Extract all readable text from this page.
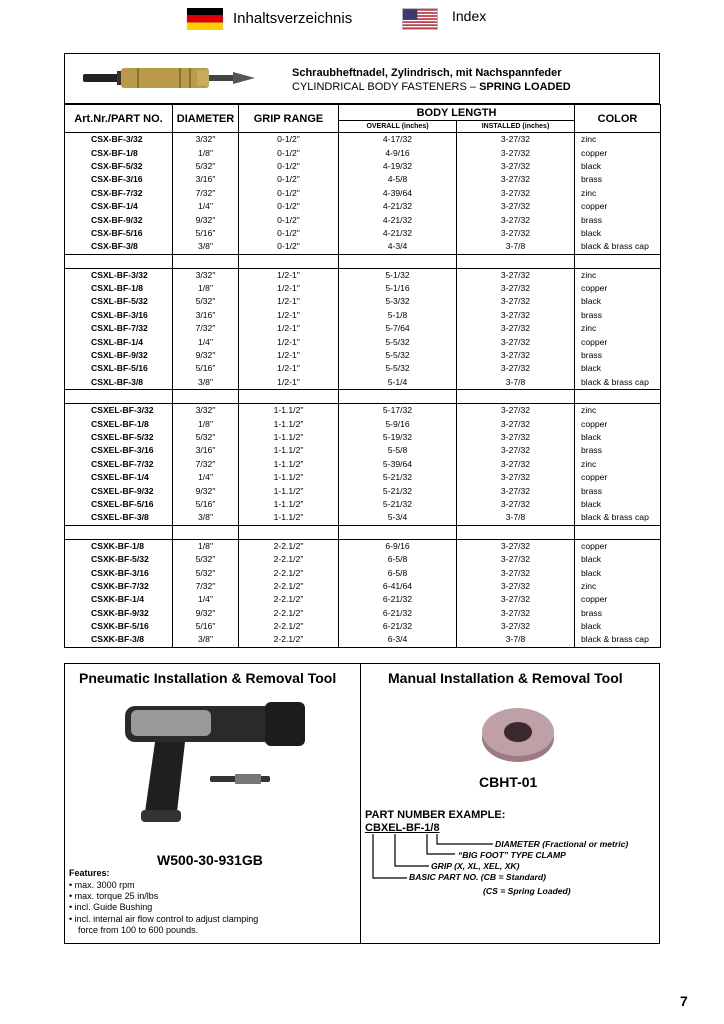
Inhaltsverzeichnis	Index
Schraubheftnadel, Zylindrisch, mit Nachspannfeder
CYLINDRICAL BODY FASTENERS – SPRING LOADED
Art.Nr./PART NO.	DIAMETER	GRIP RANGE	BODY LENGTH		COLOR
			OVERALL (inches)	INSTALLED (inches)	
CSX-BF-3/32	3/32"	0-1/2"	4-17/32	3-27/32	zinc
CSX-BF-1/8	1/8"	0-1/2"	4-9/16	3-27/32	copper
CSX-BF-5/32	5/32"	0-1/2"	4-19/32	3-27/32	black
CSX-BF-3/16	3/16"	0-1/2"	4-5/8	3-27/32	brass
CSX-BF-7/32	7/32"	0-1/2"	4-39/64	3-27/32	zinc
CSX-BF-1/4	1/4"	0-1/2"	4-21/32	3-27/32	copper
CSX-BF-9/32	9/32"	0-1/2"	4-21/32	3-27/32	brass
CSX-BF-5/16	5/16"	0-1/2"	4-21/32	3-27/32	black
CSX-BF-3/8	3/8"	0-1/2"	4-3/4	3-7/8	black & brass cap

CSXL-BF-3/32	3/32"	1/2-1"	5-1/32	3-27/32	zinc
CSXL-BF-1/8	1/8"	1/2-1"	5-1/16	3-27/32	copper
CSXL-BF-5/32	5/32"	1/2-1"	5-3/32	3-27/32	black
CSXL-BF-3/16	3/16"	1/2-1"	5-1/8	3-27/32	brass
CSXL-BF-7/32	7/32"	1/2-1"	5-7/64	3-27/32	zinc
CSXL-BF-1/4	1/4"	1/2-1"	5-5/32	3-27/32	copper
CSXL-BF-9/32	9/32"	1/2-1"	5-5/32	3-27/32	brass
CSXL-BF-5/16	5/16"	1/2-1"	5-5/32	3-27/32	black
CSXL-BF-3/8	3/8"	1/2-1"	5-1/4	3-7/8	black & brass cap

CSXEL-BF-3/32	3/32"	1-1.1/2"	5-17/32	3-27/32	zinc
CSXEL-BF-1/8	1/8"	1-1.1/2"	5-9/16	3-27/32	copper
CSXEL-BF-5/32	5/32"	1-1.1/2"	5-19/32	3-27/32	black
CSXEL-BF-3/16	3/16"	1-1.1/2"	5-5/8	3-27/32	brass
CSXEL-BF-7/32	7/32"	1-1.1/2"	5-39/64	3-27/32	zinc
CSXEL-BF-1/4	1/4"	1-1.1/2"	5-21/32	3-27/32	copper
CSXEL-BF-9/32	9/32"	1-1.1/2"	5-21/32	3-27/32	brass
CSXEL-BF-5/16	5/16"	1-1.1/2"	5-21/32	3-27/32	black
CSXEL-BF-3/8	3/8"	1-1.1/2"	5-3/4	3-7/8	black & brass cap

CSXK-BF-1/8	1/8"	2-2.1/2"	6-9/16	3-27/32	copper
CSXK-BF-5/32	5/32"	2-2.1/2"	6-5/8	3-27/32	black
CSXK-BF-3/16	5/32"	2-2.1/2"	6-5/8	3-27/32	black
CSXK-BF-7/32	7/32"	2-2.1/2"	6-41/64	3-27/32	zinc
CSXK-BF-1/4	1/4"	2-2.1/2"	6-21/32	3-27/32	copper
CSXK-BF-9/32	9/32"	2-2.1/2"	6-21/32	3-27/32	brass
CSXK-BF-5/16	5/16"	2-2.1/2"	6-21/32	3-27/32	black
CSXK-BF-3/8	3/8"	2-2.1/2"	6-3/4	3-7/8	black & brass cap
Pneumatic Installation & Removal Tool
W500-30-931GB
Features:
• max. 3000 rpm
• max. torque 25 in/lbs
• incl. Guide Bushing
• incl. internal air flow control to adjust clamping
force from 100 to 600 pounds.
Manual Installation & Removal Tool
CBHT-01
PART NUMBER EXAMPLE:
CBXEL-BF-1/8
DIAMETER (Fractional or metric)
“BIG FOOT” TYPE CLAMP
GRIP (X, XL, XEL, XK)
BASIC PART NO. (CB = Standard)
(CS = Spring Loaded)
7
